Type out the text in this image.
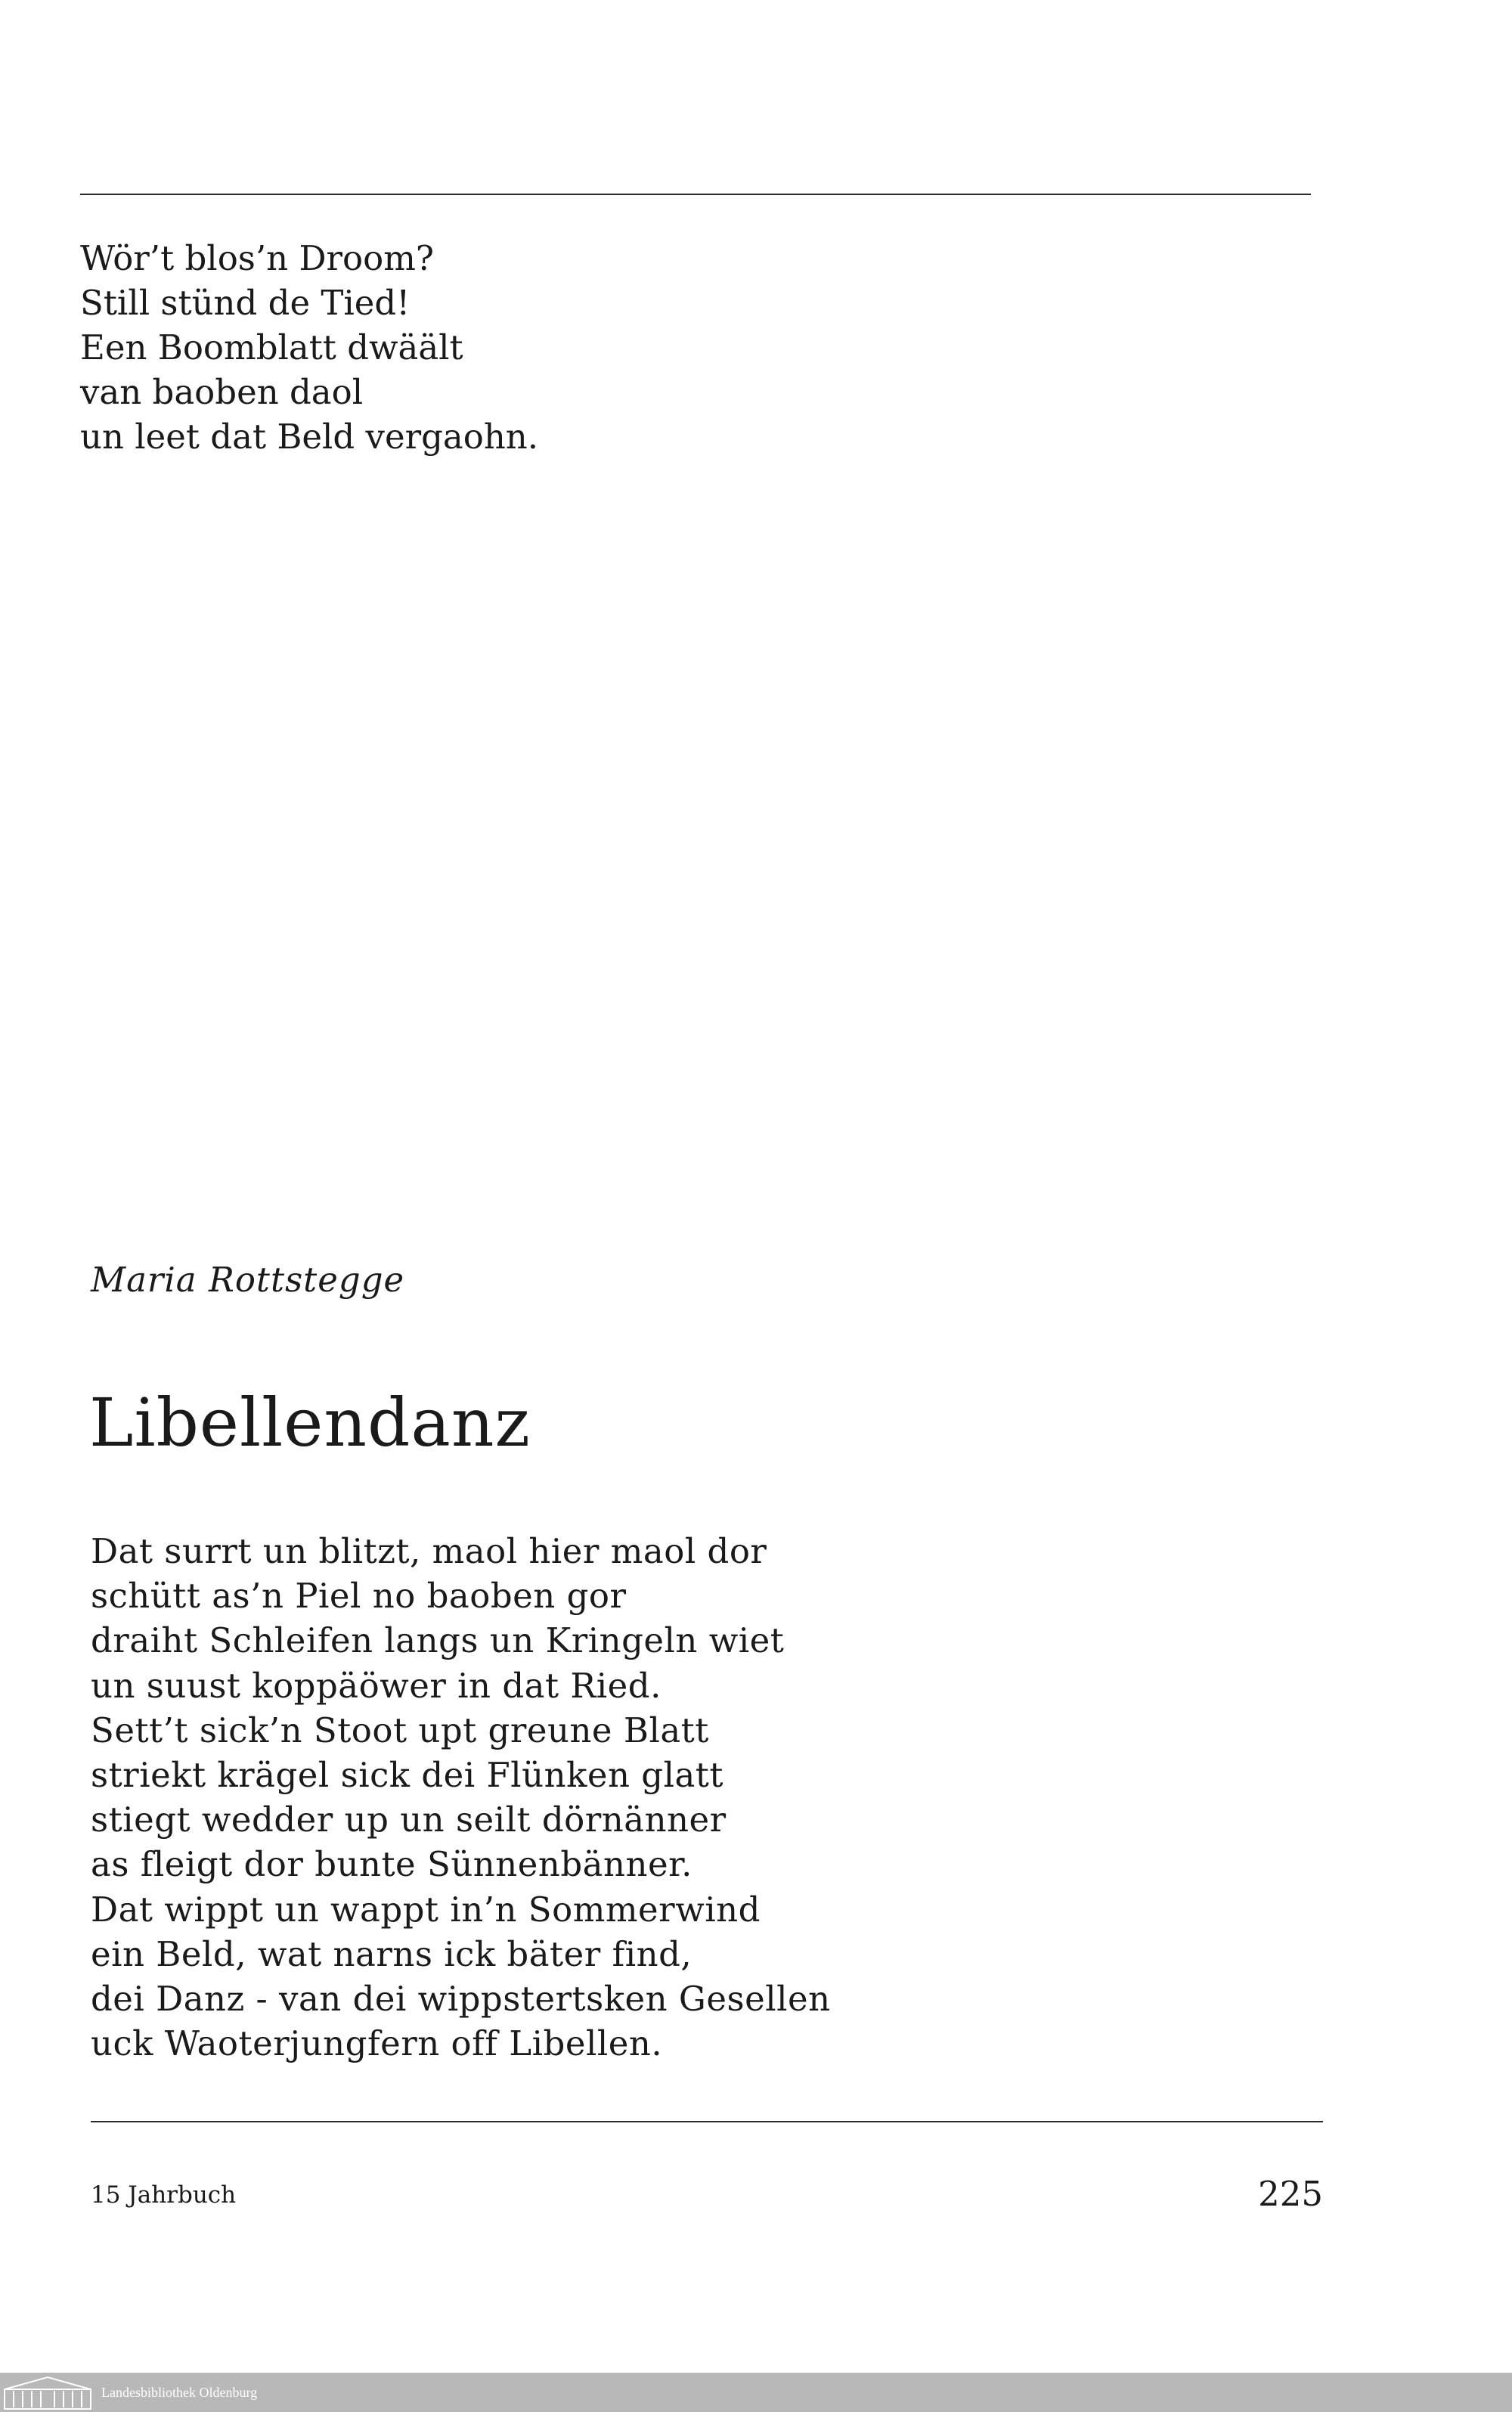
Wör’t blos’n Droom?
Still stünd de Tied!
Een Boomblatt dwäält
van baoben daol
un leet dat Beld vergaohn.
Maria Rottstegge
Libellendanz
Dat surrt un blitzt, maol hier maol dor
schütt as’n Piel no baoben gor
draiht Schleifen langs un Kringeln wiet
un suust koppäöwer in dat Ried.
Sett’t sick’n Stoot upt greune Blatt
striekt krägel sick dei Flünken glatt
stiegt wedder up un seilt dörnänner
as fleigt dor bunte Sünnenbänner.
Dat wippt un wappt in’n Sommerwind
ein Beld, wat narns ick bäter find,
dei Danz - van dei wippstertsken Gesellen
uck Waoterjungfern off Libellen.
15 Jahrbuch	225
Landesbibliothek Oldenburg
